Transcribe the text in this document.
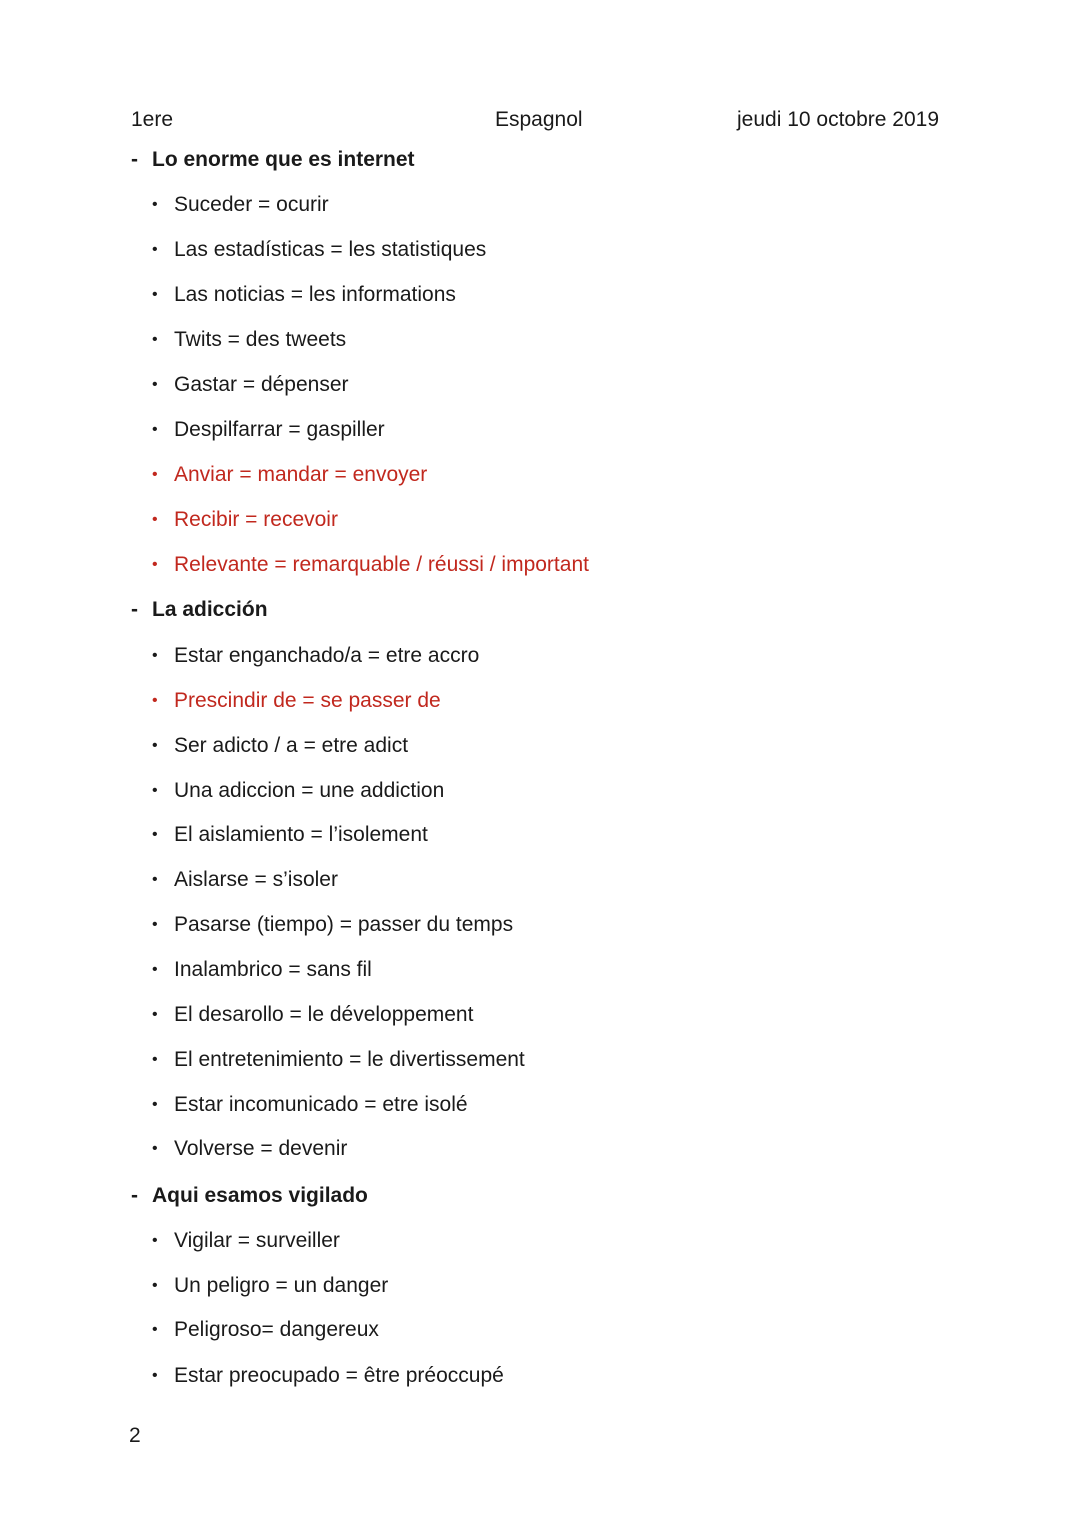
1ere	Espagnol	jeudi 10 octobre 2019
- Lo enorme que es internet
• Suceder = ocurir
• Las estadísticas = les statistiques
• Las noticias = les informations
• Twits = des tweets
• Gastar = dépenser
• Despilfarrar = gaspiller
• Anviar = mandar = envoyer
• Recibir = recevoir
• Relevante = remarquable / réussi / important
- La adicción
• Estar enganchado/a = etre accro
• Prescindir de = se passer de
• Ser adicto / a = etre adict
• Una adiccion = une addiction
• El aislamiento = l’isolement
• Aislarse = s’isoler
• Pasarse (tiempo) = passer du temps
• Inalambrico = sans fil
• El desarollo = le développement
• El entretenimiento = le divertissement
• Estar incomunicado = etre isolé
• Volverse = devenir
- Aqui esamos vigilado
• Vigilar = surveiller
• Un peligro = un danger
• Peligroso= dangereux
• Estar preocupado = être préoccupé
2
